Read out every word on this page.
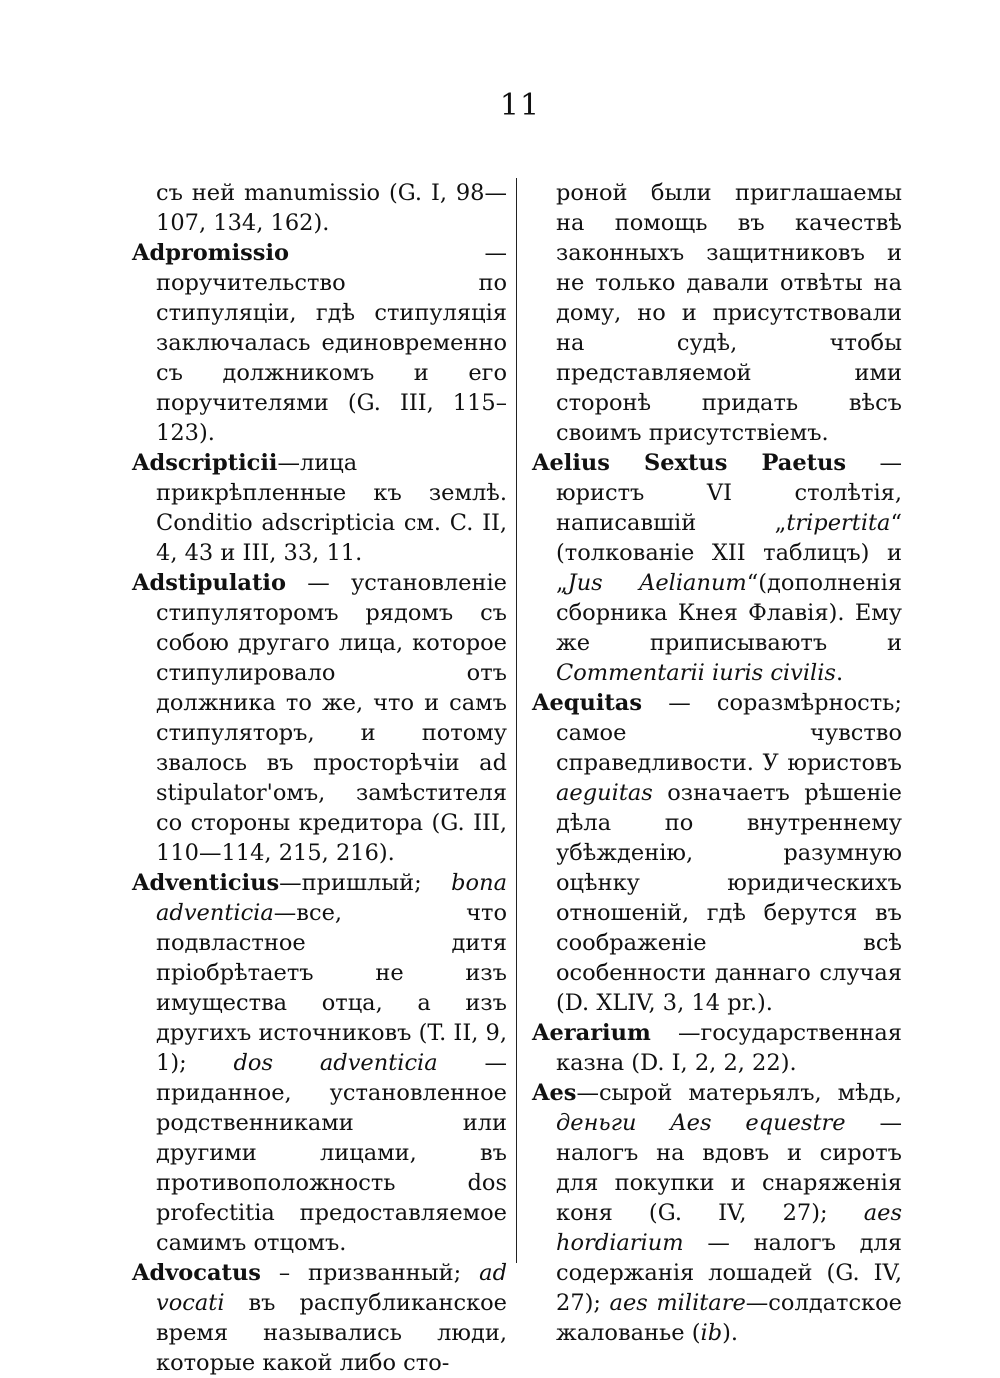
11

съ ней manumissio (G. I, 98—107, 134, 162).

Adpromissio — поручительство по стипуляціи, гдѣ стипуляція заключалась единовременно съ должникомъ и его поручителями (G. III, 115–123).

Adscripticii—лица прикрѣпленные къ землѣ. Conditio adscripticia см. C. II, 4, 43 и III, 33, 11.

Adstipulatio — установленіе стипуляторомъ рядомъ съ собою другаго лица, которое стипулировало отъ должника то же, что и самъ стипуляторъ, и потому звалось въ просторѣчіи ad stipulator'омъ, замѣстителя со стороны кредитора (G. III, 110—114, 215, 216).

Adventicius—пришлый; bona adventicia—все, что подвластное дитя пріобрѣтаетъ не изъ имущества отца, а изъ другихъ источниковъ (T. II, 9, 1); dos adventicia — приданное, установленное родственниками или другими лицами, въ противоположность dos profectitia предоставляемое самимъ отцомъ.

Advocatus – призванный; ad vocati въ распубликанское время назывались люди, которые какой либо сто-

роной были приглашаемы на помощь въ качествѣ законныхъ защитниковъ и не только давали отвѣты на дому, но и присутствовали на судѣ, чтобы представляемой ими сторонѣ придать вѣсъ своимъ присутствіемъ.

Aelius Sextus Paetus — юристъ VI столѣтія, написавшій „tripertita“ (толкованіе XII таблицъ) и „Jus Aelianum“(дополненія сборника Кнея Флавія). Ему же приписываютъ и Commentarii iuris civilis.

Aequitas — соразмѣрность; самое чувство справедливости. У юристовъ aeguitas означаетъ рѣшеніе дѣла по внутреннему убѣжденію, разумную оцѣнку юридическихъ отношеній, гдѣ берутся въ соображеніе всѣ особенности даннаго случая (D. XLIV, 3, 14 pr.).

Aerarium —государственная казна (D. I, 2, 2, 22).

Aes—сырой матерьялъ, мѣдь, деньги Aes equestre — налогъ на вдовъ и сиротъ для покупки и снаряженія коня (G. IV, 27); aes hordiarium — налогъ для содержанія лошадей (G. IV, 27); aes militare—солдатское жалованье (ib).
